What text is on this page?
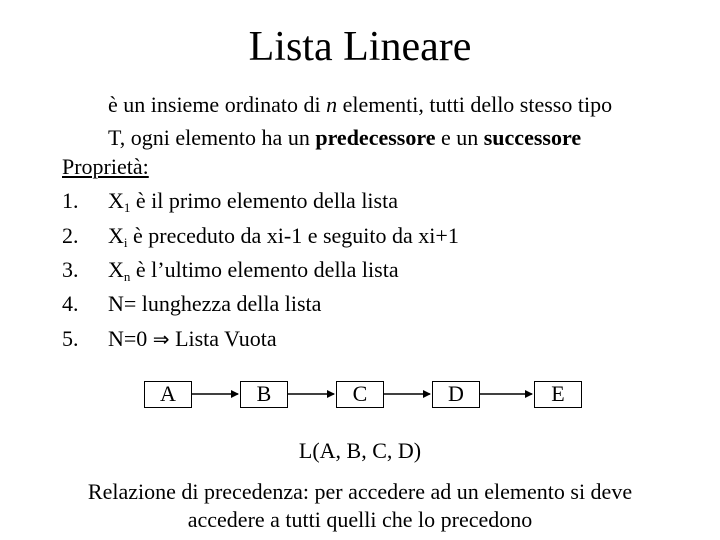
Lista Lineare
è un insieme ordinato di n elementi, tutti dello stesso tipo
T, ogni elemento ha un predecessore e un successore
Proprietà:
1. $X_1$ è il primo elemento della lista
2. $X_i$ è preceduto da xi-1 e seguito da xi+1
3. $X_n$ è l’ultimo elemento della lista
4. N= lunghezza della lista
5. N=0 ⇒ Lista Vuota
A	B	C	D	E
L(A, B, C, D)
Relazione di precedenza: per accedere ad un elemento si deve
accedere a tutti quelli che lo precedono
